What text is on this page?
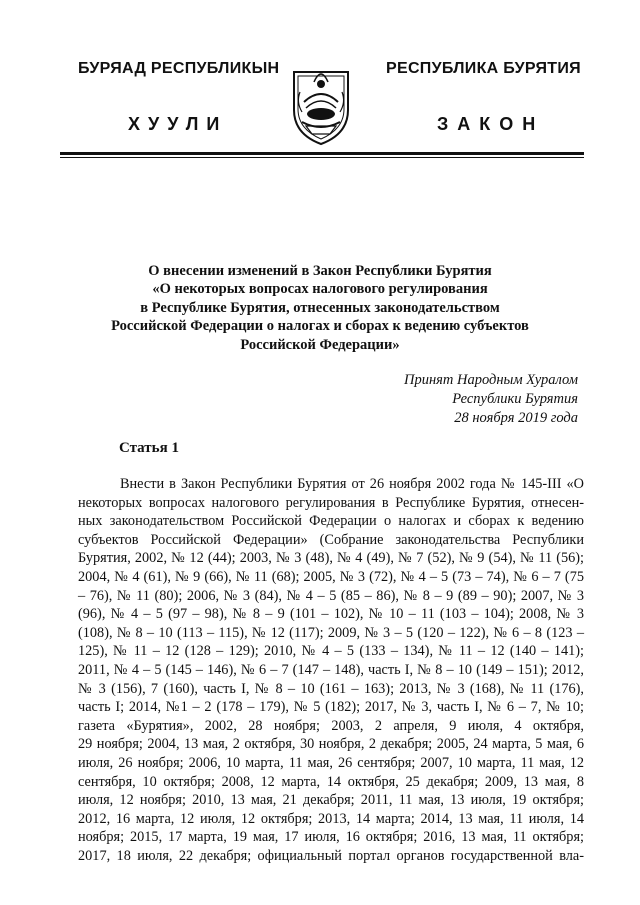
БУРЯАД РЕСПУБЛИКЫН
ХУУЛИ
РЕСПУБЛИКА БУРЯТИЯ
ЗАКОН
О внесении изменений в Закон Республики Бурятия
«О некоторых вопросах налогового регулирования
в Республике Бурятия, отнесенных законодательством
Российской Федерации о налогах и сборах к ведению субъектов
Российской Федерации»
Принят Народным Хуралом
Республики Бурятия
28 ноября 2019 года
Статья 1
Внести в Закон Республики Бурятия от 26 ноября 2002 года № 145-III «О
некоторых вопросах налогового регулирования в Республике Бурятия, отнесен-
ных законодательством Российской Федерации о налогах и сборах к ведению
субъектов Российской Федерации» (Собрание законодательства Республики
Бурятия, 2002, № 12 (44); 2003, № 3 (48), № 4 (49), № 7 (52), № 9 (54), № 11 (56);
2004, № 4 (61), № 9 (66), № 11 (68); 2005, № 3 (72), № 4 – 5 (73 – 74), № 6 – 7 (75
– 76), № 11 (80); 2006, № 3 (84), № 4 – 5 (85 – 86), № 8 – 9 (89 – 90); 2007, № 3
(96), № 4 – 5 (97 – 98), № 8 – 9 (101 – 102), № 10 – 11 (103 – 104); 2008, № 3
(108), № 8 – 10 (113 – 115), № 12 (117); 2009, № 3 – 5 (120 – 122), № 6 – 8 (123 –
125), № 11 – 12 (128 – 129); 2010, № 4 – 5 (133 – 134), № 11 – 12 (140 – 141);
2011, № 4 – 5 (145 – 146), № 6 – 7 (147 – 148), часть I, № 8 – 10 (149 – 151); 2012,
№ 3 (156), 7 (160), часть I, № 8 – 10 (161 – 163); 2013, № 3 (168), № 11 (176),
часть I; 2014, №1 – 2 (178 – 179), № 5 (182); 2017, № 3, часть I, № 6 – 7, № 10;
газета «Бурятия», 2002, 28 ноября; 2003, 2 апреля, 9 июля, 4 октября,
29 ноября; 2004, 13 мая, 2 октября, 30 ноября, 2 декабря; 2005, 24 марта, 5 мая, 6
июля, 26 ноября; 2006, 10 марта, 11 мая, 26 сентября; 2007, 10 марта, 11 мая, 12
сентября, 10 октября; 2008, 12 марта, 14 октября, 25 декабря; 2009, 13 мая, 8
июля, 12 ноября; 2010, 13 мая, 21 декабря; 2011, 11 мая, 13 июля, 19 октября;
2012, 16 марта, 12 июля, 12 октября; 2013, 14 марта; 2014, 13 мая, 11 июля, 14
ноября; 2015, 17 марта, 19 мая, 17 июля, 16 октября; 2016, 13 мая, 11 октября;
2017, 18 июля, 22 декабря; официальный портал органов государственной вла-
